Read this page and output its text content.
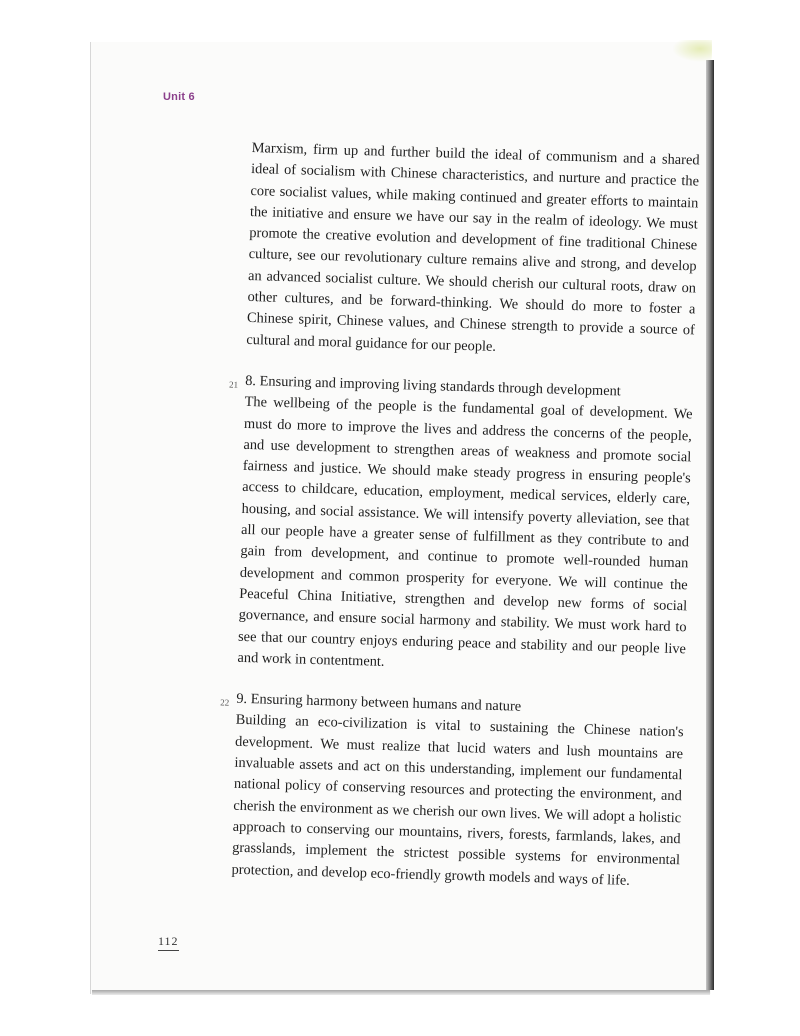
Unit 6

Marxism, firm up and further build the ideal of communism and a shared ideal of socialism with Chinese characteristics, and nurture and practice the core socialist values, while making continued and greater efforts to maintain the initiative and ensure we have our say in the realm of ideology. We must promote the creative evolution and development of fine traditional Chinese culture, see our revolutionary culture remains alive and strong, and develop an advanced socialist culture. We should cherish our cultural roots, draw on other cultures, and be forward-thinking. We should do more to foster a Chinese spirit, Chinese values, and Chinese strength to provide a source of cultural and moral guidance for our people.

21 8. Ensuring and improving living standards through development

The wellbeing of the people is the fundamental goal of development. We must do more to improve the lives and address the concerns of the people, and use development to strengthen areas of weakness and promote social fairness and justice. We should make steady progress in ensuring people's access to childcare, education, employment, medical services, elderly care, housing, and social assistance. We will intensify poverty alleviation, see that all our people have a greater sense of fulfillment as they contribute to and gain from development, and continue to promote well-rounded human development and common prosperity for everyone. We will continue the Peaceful China Initiative, strengthen and develop new forms of social governance, and ensure social harmony and stability. We must work hard to see that our country enjoys enduring peace and stability and our people live and work in contentment.

22 9. Ensuring harmony between humans and nature

Building an eco-civilization is vital to sustaining the Chinese nation's development. We must realize that lucid waters and lush mountains are invaluable assets and act on this understanding, implement our fundamental national policy of conserving resources and protecting the environment, and cherish the environment as we cherish our own lives. We will adopt a holistic approach to conserving our mountains, rivers, forests, farmlands, lakes, and grasslands, implement the strictest possible systems for environmental protection, and develop eco-friendly growth models and ways of life.

112
